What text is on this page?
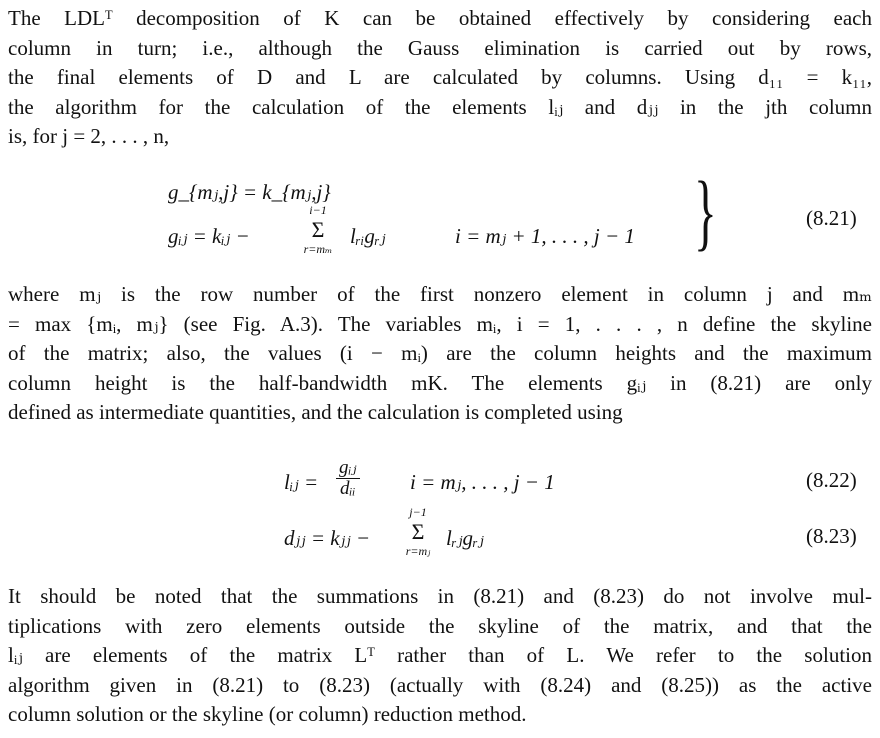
The LDLᵀ decomposition of K can be obtained effectively by considering each
column in turn; i.e., although the Gauss elimination is carried out by rows,
the final elements of D and L are calculated by columns. Using d₁₁ = k₁₁,
the algorithm for the calculation of the elements lᵢⱼ and dⱼⱼ in the jth column
is, for j = 2, . . . , n,
g_{mⱼ,j} = k_{mⱼ,j}
gᵢⱼ = kᵢⱼ −
i−1
Σ
r=mₘ
lᵣᵢgᵣⱼ	i = mⱼ + 1, . . . , j − 1 }	(8.21)
where mⱼ is the row number of the first nonzero element in column j and mₘ
= max {mᵢ, mⱼ} (see Fig. A.3). The variables mᵢ, i = 1, . . . , n define the skyline
of the matrix; also, the values (i − mᵢ) are the column heights and the maximum
column height is the half-bandwidth mK. The elements gᵢⱼ in (8.21) are only
defined as intermediate quantities, and the calculation is completed using
lᵢⱼ = $\frac{\text{gᵢⱼ}}{\text{dᵢᵢ}}$ i = mⱼ, . . . , j − 1	(8.22)
dⱼⱼ = kⱼⱼ −
j−1
Σ
r=mⱼ
lᵣⱼgᵣⱼ	(8.23)
It should be noted that the summations in (8.21) and (8.23) do not involve mul-
tiplications with zero elements outside the skyline of the matrix, and that the
lᵢⱼ are elements of the matrix Lᵀ rather than of L. We refer to the solution
algorithm given in (8.21) to (8.23) (actually with (8.24) and (8.25)) as the active
column solution or the skyline (or column) reduction method.
